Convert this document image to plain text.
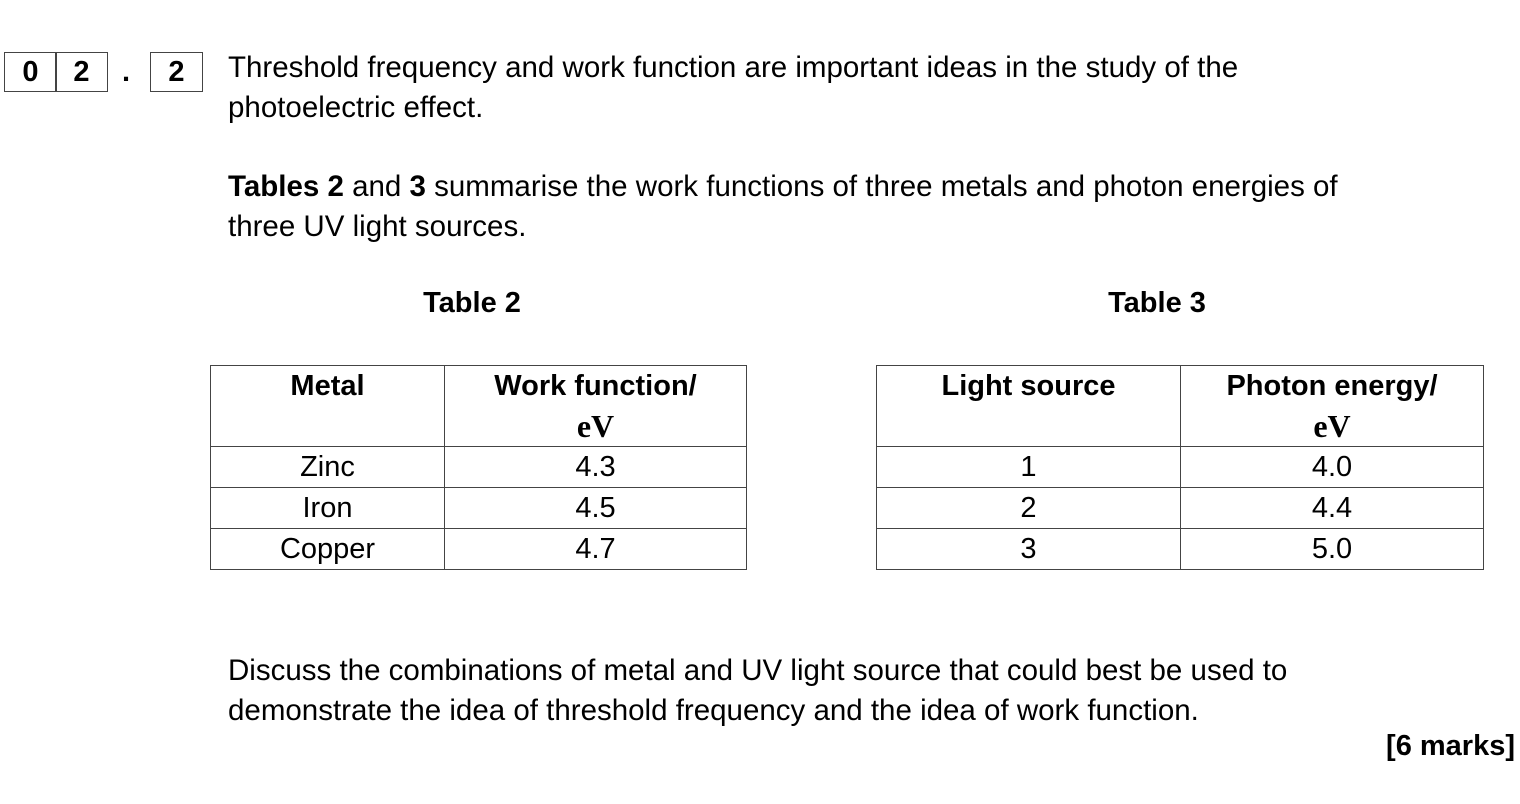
0	2	.	2	Threshold frequency and work function are important ideas in the study of the
photoelectric effect.
Tables 2 and 3 summarise the work functions of three metals and photon energies of
three UV light sources.
Table 2	Table 3
Metal	Work function/
eV

Zinc	4.3
Iron	4.5
Copper	4.7
Light source	Photon energy/
eV

1	4.0
2	4.4
3	5.0
Discuss the combinations of metal and UV light source that could best be used to
demonstrate the idea of threshold frequency and the idea of work function.
[6 marks]
